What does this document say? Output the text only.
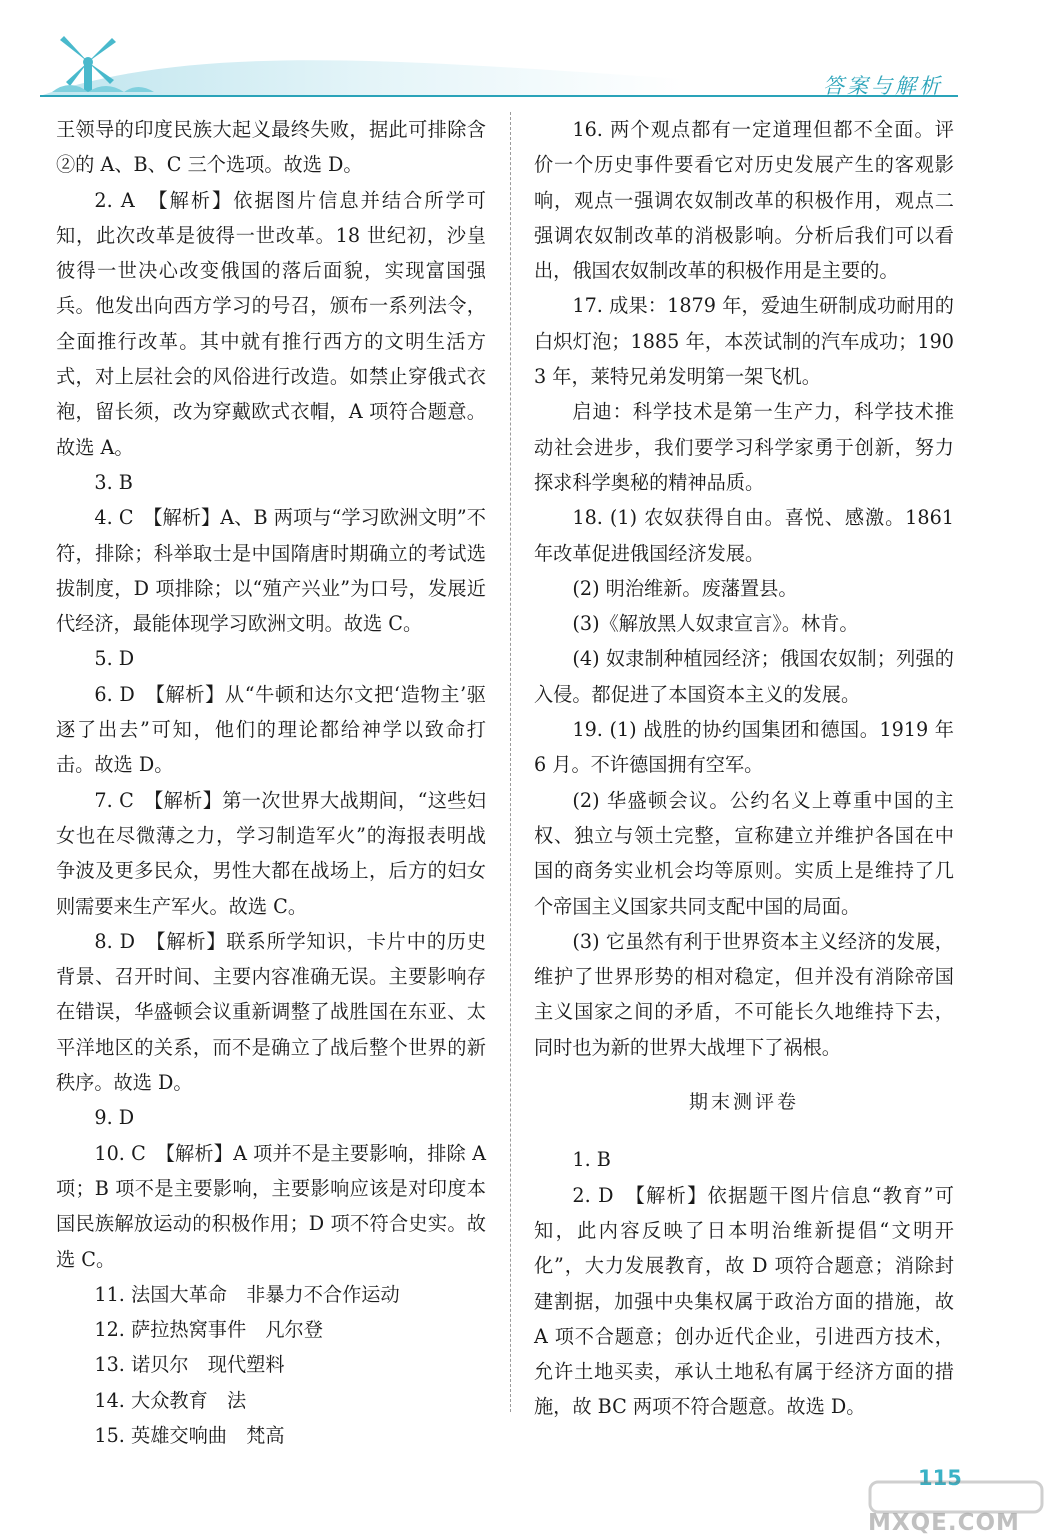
答案与解析

王领导的印度民族大起义最终失败，据此可排除含②的 A、B、C 三个选项。故选 D。

2. A　【解析】依据图片信息并结合所学可知，此次改革是彼得一世改革。18 世纪初，沙皇彼得一世决心改变俄国的落后面貌，实现富国强兵。他发出向西方学习的号召，颁布一系列法令，全面推行改革。其中就有推行西方的文明生活方式，对上层社会的风俗进行改造。如禁止穿俄式衣袍，留长须，改为穿戴欧式衣帽，A 项符合题意。故选 A。

3. B

4. C　【解析】A、B 两项与“学习欧洲文明”不符，排除；科举取士是中国隋唐时期确立的考试选拔制度，D 项排除；以“殖产兴业”为口号，发展近代经济，最能体现学习欧洲文明。故选 C。

5. D

6. D　【解析】从“牛顿和达尔文把‘造物主’驱逐了出去”可知，他们的理论都给神学以致命打击。故选 D。

7. C　【解析】第一次世界大战期间，“这些妇女也在尽微薄之力，学习制造军火”的海报表明战争波及更多民众，男性大都在战场上，后方的妇女则需要来生产军火。故选 C。

8. D　【解析】联系所学知识，卡片中的历史背景、召开时间、主要内容准确无误。主要影响存在错误，华盛顿会议重新调整了战胜国在东亚、太平洋地区的关系，而不是确立了战后整个世界的新秩序。故选 D。

9. D

10. C　【解析】A 项并不是主要影响，排除 A 项；B 项不是主要影响，主要影响应该是对印度本国民族解放运动的积极作用；D 项不符合史实。故选 C。

11. 法国大革命　非暴力不合作运动

12. 萨拉热窝事件　凡尔登

13. 诺贝尔　现代塑料

14. 大众教育　法

15. 英雄交响曲　梵高

16. 两个观点都有一定道理但都不全面。评价一个历史事件要看它对历史发展产生的客观影响，观点一强调农奴制改革的积极作用，观点二强调农奴制改革的消极影响。分析后我们可以看出，俄国农奴制改革的积极作用是主要的。

17. 成果：1879 年，爱迪生研制成功耐用的白炽灯泡；1885 年，本茨试制的汽车成功；1903 年，莱特兄弟发明第一架飞机。

启迪：科学技术是第一生产力，科学技术推动社会进步，我们要学习科学家勇于创新，努力探求科学奥秘的精神品质。

18. (1) 农奴获得自由。喜悦、感激。1861 年改革促进俄国经济发展。

(2) 明治维新。废藩置县。

(3)《解放黑人奴隶宣言》。林肯。

(4) 奴隶制种植园经济；俄国农奴制；列强的入侵。都促进了本国资本主义的发展。

19. (1) 战胜的协约国集团和德国。1919 年 6 月。不许德国拥有空军。

(2) 华盛顿会议。公约名义上尊重中国的主权、独立与领土完整，宣称建立并维护各国在中国的商务实业机会均等原则。实质上是维持了几个帝国主义国家共同支配中国的局面。

(3) 它虽然有利于世界资本主义经济的发展，维护了世界形势的相对稳定，但并没有消除帝国主义国家之间的矛盾，不可能长久地维持下去，同时也为新的世界大战埋下了祸根。

期末测评卷

1. B

2. D　【解析】依据题干图片信息“教育”可知，此内容反映了日本明治维新提倡“文明开化”，大力发展教育，故 D 项符合题意；消除封建割据，加强中央集权属于政治方面的措施，故 A 项不合题意；创办近代企业，引进西方技术，允许土地买卖，承认土地私有属于经济方面的措施，故 BC 两项不符合题意。故选 D。

115
MXQE.COM
